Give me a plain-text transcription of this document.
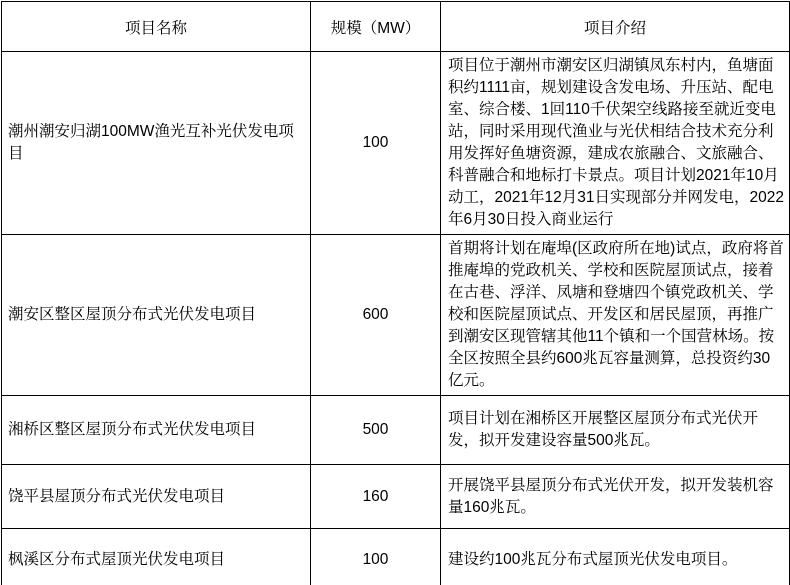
项目名称	规模（MW）	项目介绍
潮州潮安归湖100MW渔光互补光伏发电项目	100	项目位于潮州市潮安区归湖镇凤东村内，鱼塘面积约1111亩，规划建设含发电场、升压站、配电室、综合楼、1回110千伏架空线路接至就近变电站，同时采用现代渔业与光伏相结合技术充分利用发挥好鱼塘资源，建成农旅融合、文旅融合、科普融合和地标打卡景点。项目计划2021年10月动工，2021年12月31日实现部分并网发电，2022年6月30日投入商业运行
潮安区整区屋顶分布式光伏发电项目	600	首期将计划在庵埠(区政府所在地)试点，政府将首推庵埠的党政机关、学校和医院屋顶试点，接着在古巷、浮洋、凤塘和登塘四个镇党政机关、学校和医院屋顶试点、开发区和居民屋顶，再推广到潮安区现管辖其他11个镇和一个国营林场。按全区按照全县约600兆瓦容量测算，总投资约30亿元。
湘桥区整区屋顶分布式光伏发电项目	500	项目计划在湘桥区开展整区屋顶分布式光伏开发，拟开发建设容量500兆瓦。
饶平县屋顶分布式光伏发电项目	160	开展饶平县屋顶分布式光伏开发，拟开发装机容量160兆瓦。
枫溪区分布式屋顶光伏发电项目	100	建设约100兆瓦分布式屋顶光伏发电项目。
